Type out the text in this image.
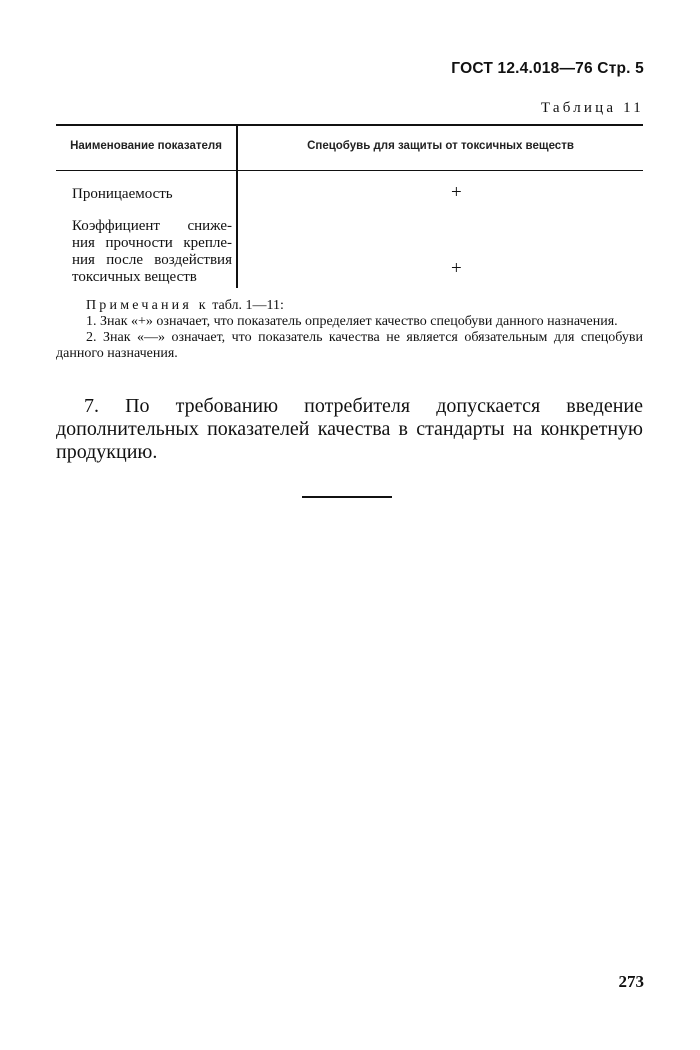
ГОСТ 12.4.018—76 Стр. 5
Таблица 11
Наименование показателя	Спецобувь для защиты от токсичных веществ
Проницаемость	+
Коэффициент сниже-
ния прочности крепле-
ния после воздействия
токсичных веществ	+
Примечания к табл. 1—11:
1. Знак «+» означает, что показатель определяет качество спецобуви данного назначения.
2. Знак «—» означает, что показатель качества не является обязательным для спецобуви данного назначения.
7. По требованию потребителя допускается введение дополнительных показателей качества в стандарты на конкретную продукцию.
273
